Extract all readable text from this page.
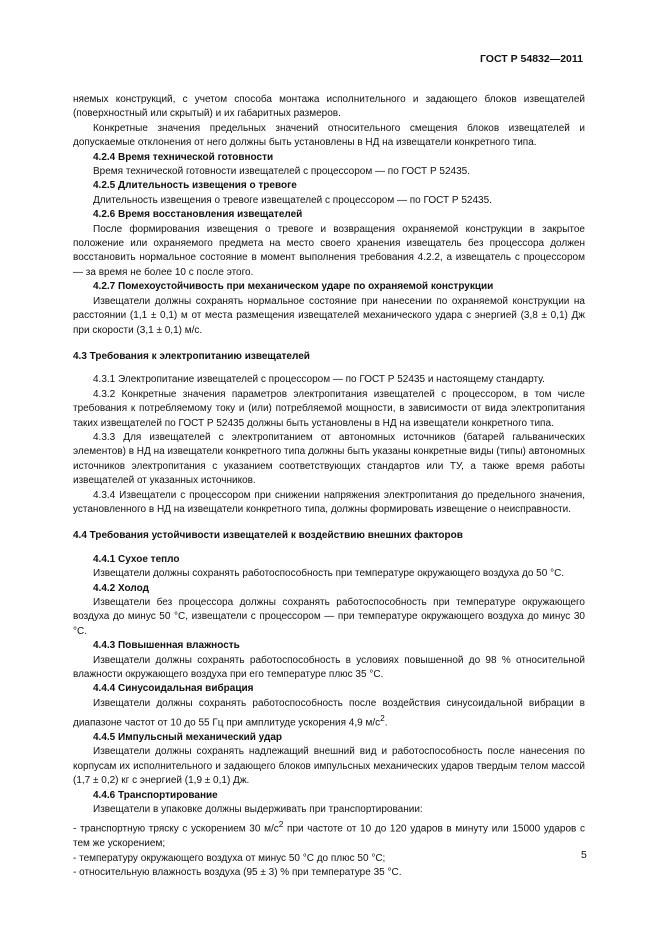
ГОСТ Р 54832—2011

няемых конструкций, с учетом способа монтажа исполнительного и задающего блоков извещателей (поверхностный или скрытый) и их габаритных размеров.

Конкретные значения предельных значений относительного смещения блоков извещателей и допускаемые отклонения от него должны быть установлены в НД на извещатели конкретного типа.

4.2.4 Время технической готовности

Время технической готовности извещателей с процессором — по ГОСТ Р 52435.

4.2.5 Длительность извещения о тревоге

Длительность извещения о тревоге извещателей с процессором — по ГОСТ Р 52435.

4.2.6 Время восстановления извещателей

После формирования извещения о тревоге и возвращения охраняемой конструкции в закрытое положение или охраняемого предмета на место своего хранения извещатель без процессора должен восстановить нормальное состояние в момент выполнения требования 4.2.2, а извещатель с процессором — за время не более 10 с после этого.

4.2.7 Помехоустойчивость при механическом ударе по охраняемой конструкции

Извещатели должны сохранять нормальное состояние при нанесении по охраняемой конструкции на расстоянии (1,1 ± 0,1) м от места размещения извещателей механического удара с энергией (3,8 ± 0,1) Дж при скорости (3,1 ± 0,1) м/с.

4.3 Требования к электропитанию извещателей

4.3.1 Электропитание извещателей с процессором — по ГОСТ Р 52435 и настоящему стандарту.

4.3.2 Конкретные значения параметров электропитания извещателей с процессором, в том числе требования к потребляемому току и (или) потребляемой мощности, в зависимости от вида электропитания таких извещателей по ГОСТ Р 52435 должны быть установлены в НД на извещатели конкретного типа.

4.3.3 Для извещателей с электропитанием от автономных источников (батарей гальванических элементов) в НД на извещатели конкретного типа должны быть указаны конкретные виды (типы) автономных источников электропитания с указанием соответствующих стандартов или ТУ, а также время работы извещателей от указанных источников.

4.3.4 Извещатели с процессором при снижении напряжения электропитания до предельного значения, установленного в НД на извещатели конкретного типа, должны формировать извещение о неисправности.

4.4 Требования устойчивости извещателей к воздействию внешних факторов

4.4.1 Сухое тепло

Извещатели должны сохранять работоспособность при температуре окружающего воздуха до 50 °С.

4.4.2 Холод

Извещатели без процессора должны сохранять работоспособность при температуре окружающего воздуха до минус 50 °С, извещатели с процессором — при температуре окружающего воздуха до минус 30 °С.

4.4.3 Повышенная влажность

Извещатели должны сохранять работоспособность в условиях повышенной до 98 % относительной влажности окружающего воздуха при его температуре плюс 35 °С.

4.4.4 Синусоидальная вибрация

Извещатели должны сохранять работоспособность после воздействия синусоидальной вибрации в диапазоне частот от 10 до 55 Гц при амплитуде ускорения 4,9 $м/с^2$.

4.4.5 Импульсный механический удар

Извещатели должны сохранять надлежащий внешний вид и работоспособность после нанесения по корпусам их исполнительного и задающего блоков импульсных механических ударов твердым телом массой (1,7 ± 0,2) кг с энергией (1,9 ± 0,1) Дж.

4.4.6 Транспортирование

Извещатели в упаковке должны выдерживать при транспортировании:

- транспортную тряску с ускорением 30 $м/с^2$ при частоте от 10 до 120 ударов в минуту или 15000 ударов с тем же ускорением;

- температуру окружающего воздуха от минус 50 °С до плюс 50 °С;

- относительную влажность воздуха (95 ± 3) % при температуре 35 °С.

5
